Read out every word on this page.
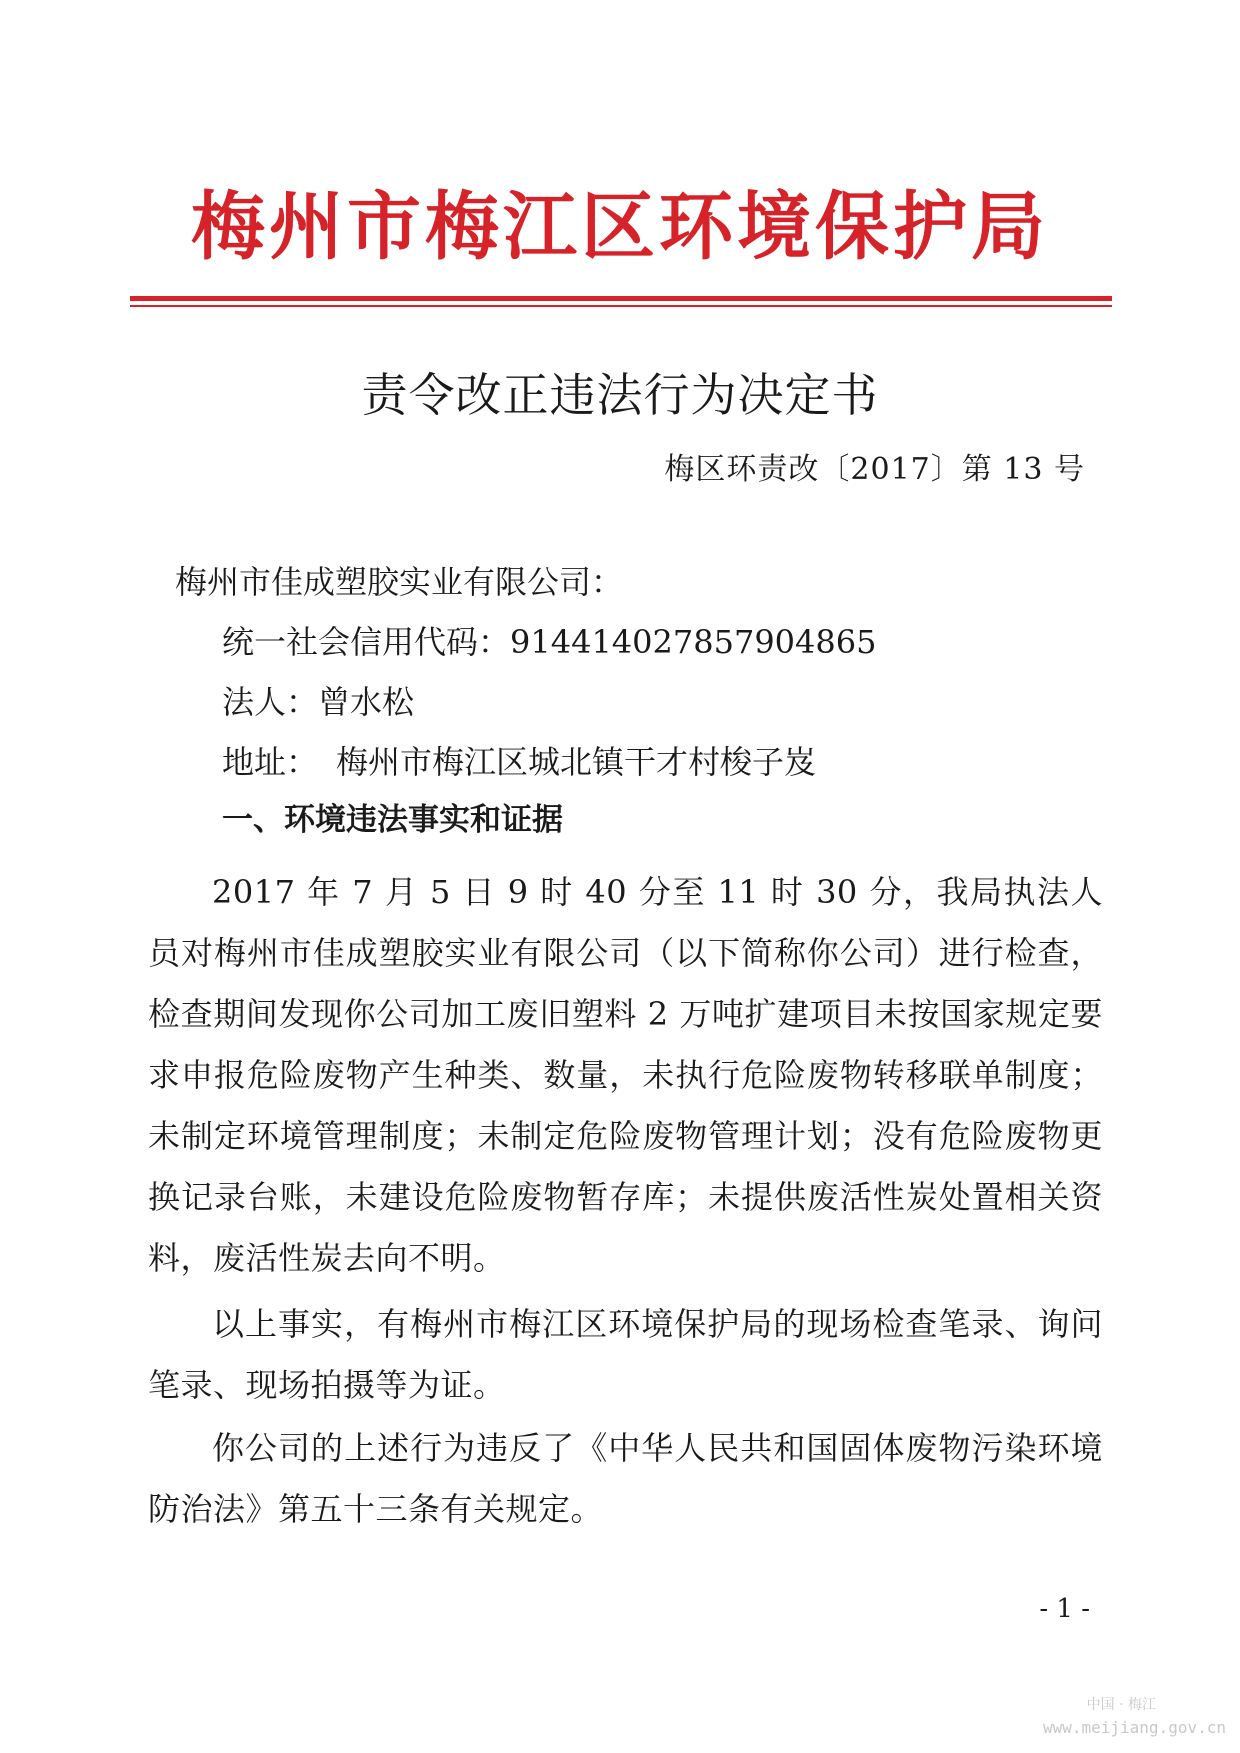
梅州市梅江区环境保护局
责令改正违法行为决定书
梅区环责改〔2017〕第 13 号
梅州市佳成塑胶实业有限公司：
统一社会信用代码：914414027857904865
法人：曾水松
地址： 梅州市梅江区城北镇干才村梭子岌
一、环境违法事实和证据
2017 年 7 月 5 日 9 时 40 分至 11 时 30 分，我局执法人员对梅州市佳成塑胶实业有限公司（以下简称你公司）进行检查，检查期间发现你公司加工废旧塑料 2 万吨扩建项目未按国家规定要求申报危险废物产生种类、数量，未执行危险废物转移联单制度；未制定环境管理制度；未制定危险废物管理计划；没有危险废物更换记录台账，未建设危险废物暂存库；未提供废活性炭处置相关资料，废活性炭去向不明。
以上事实，有梅州市梅江区环境保护局的现场检查笔录、询问笔录、现场拍摄等为证。
你公司的上述行为违反了《中华人民共和国固体废物污染环境防治法》第五十三条有关规定。
- 1 -
中国 · 梅江
www.meijiang.gov.cn
